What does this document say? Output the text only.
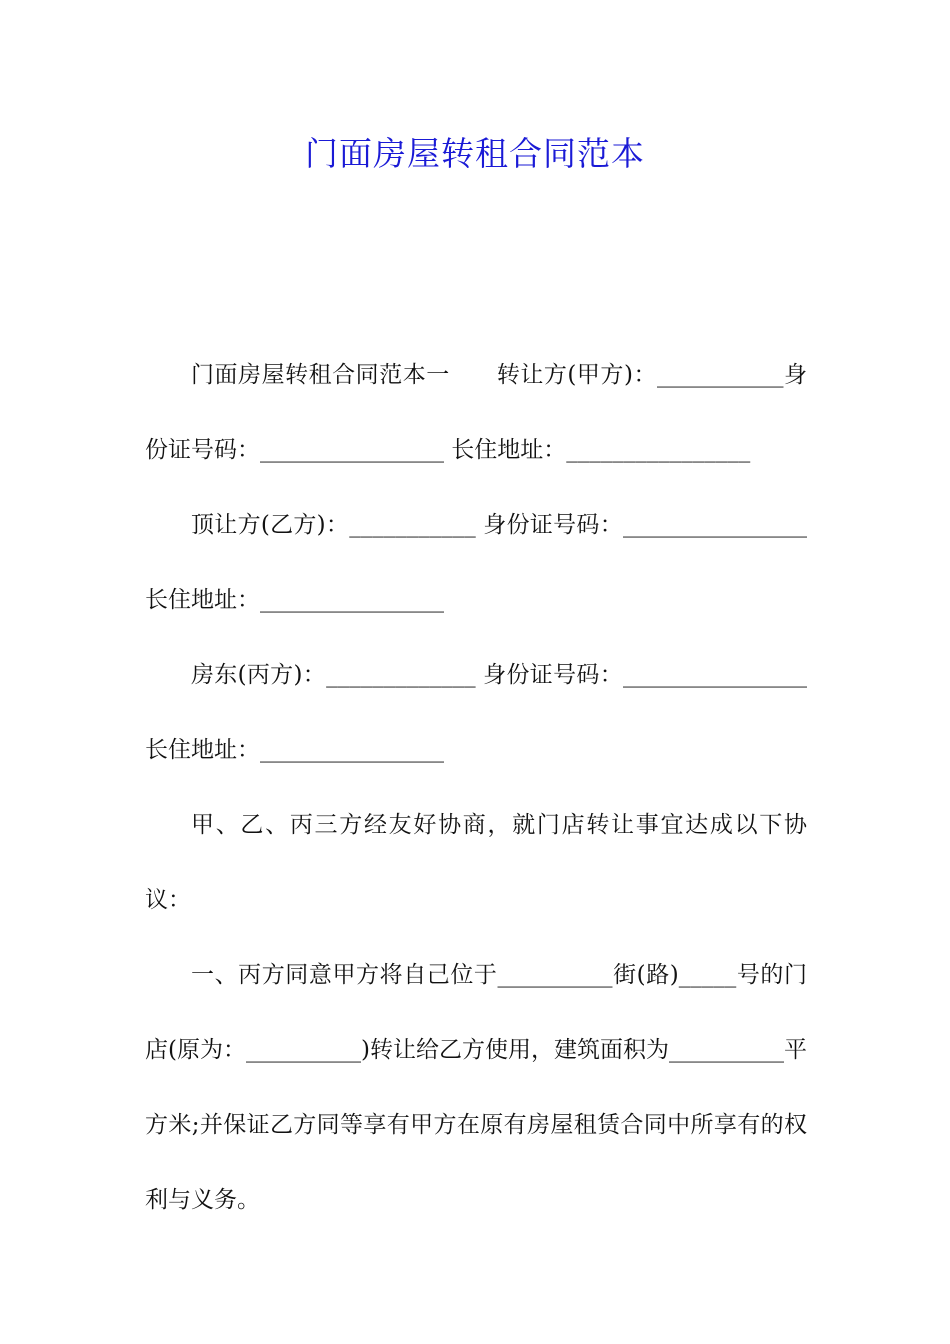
门面房屋转租合同范本

门面房屋转租合同范本一　　转让方(甲方)：___________身份证号码：________________ 长住地址：________________

顶让方(乙方)：___________ 身份证号码：________________ 长住地址：________________

房东(丙方)：_____________ 身份证号码：________________ 长住地址：________________

甲、乙、丙三方经友好协商，就门店转让事宜达成以下协议：

一、丙方同意甲方将自己位于__________街(路)_____号的门店(原为：__________)转让给乙方使用，建筑面积为__________平方米;并保证乙方同等享有甲方在原有房屋租赁合同中所享有的权利与义务。
